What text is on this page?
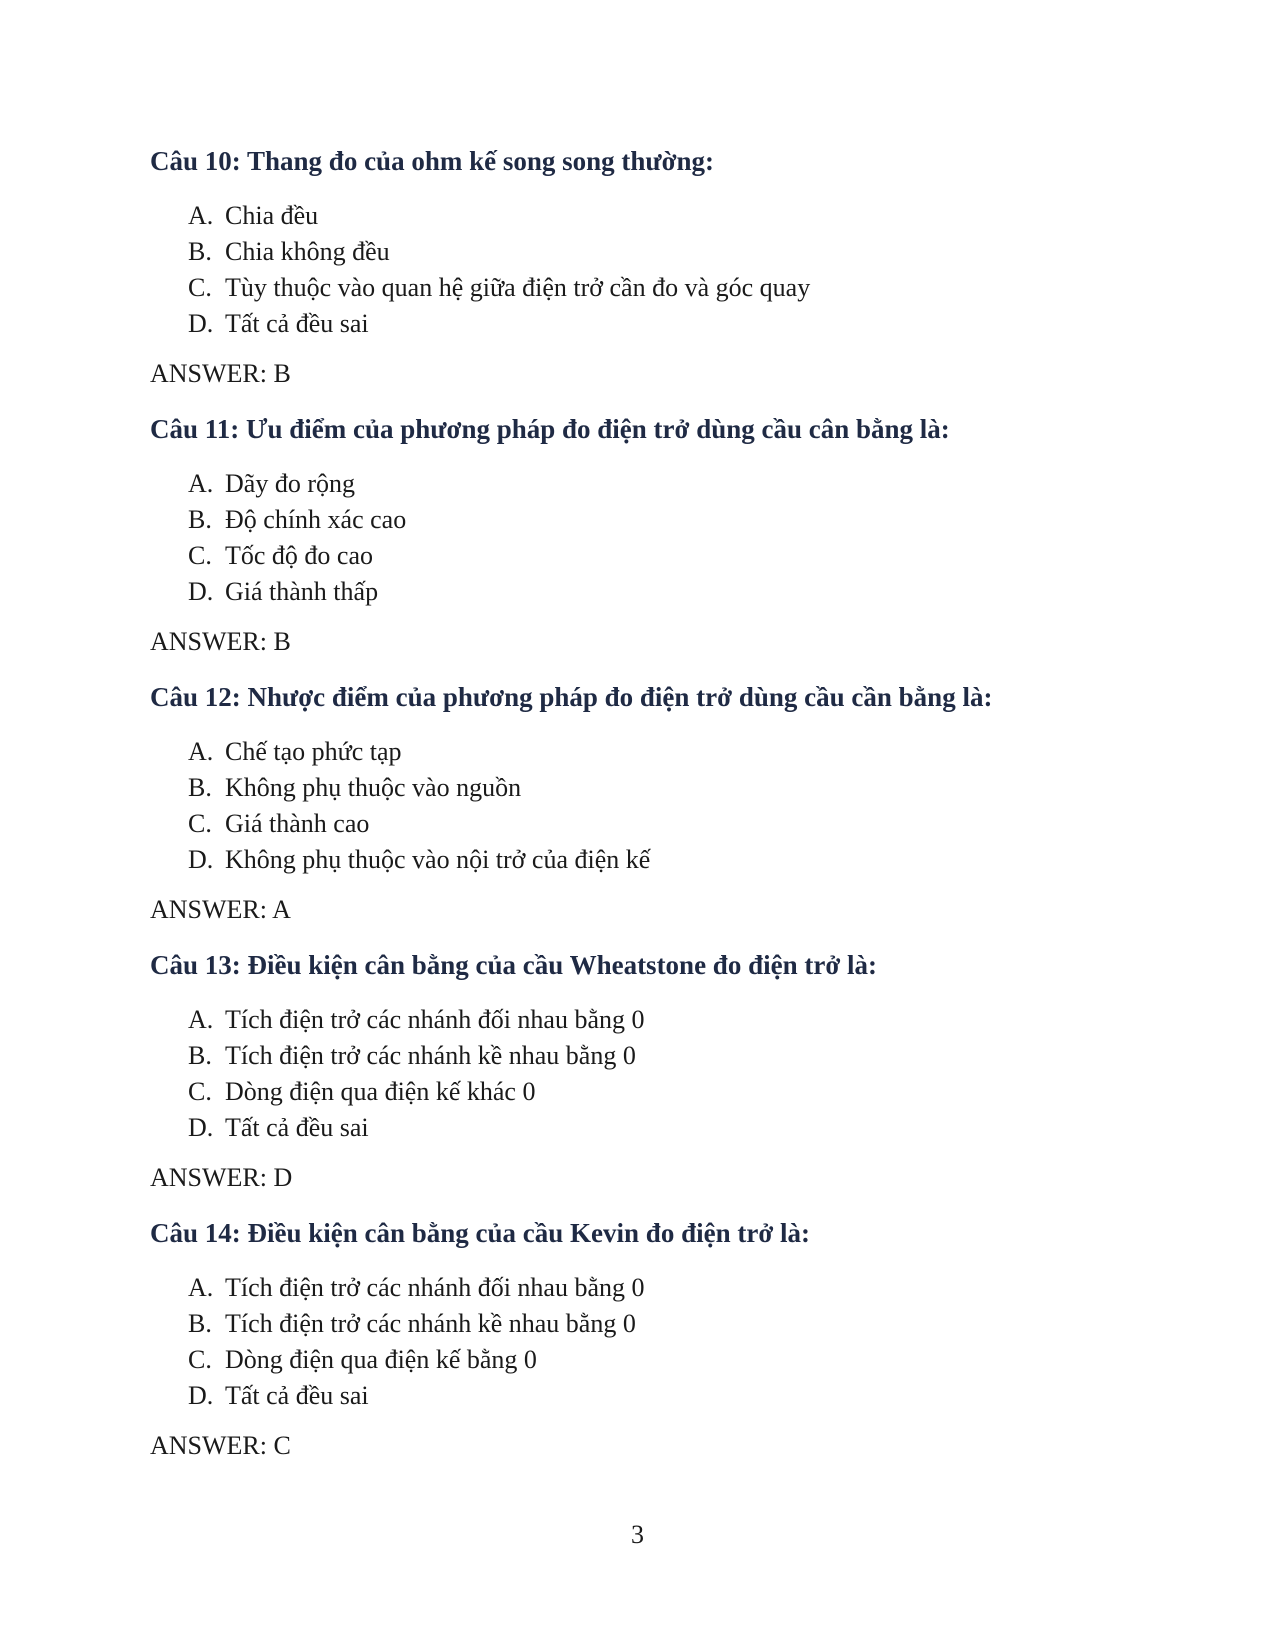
Câu 10: Thang đo của ohm kế song song thường:

A. Chia đều
B. Chia không đều
C. Tùy thuộc vào quan hệ giữa điện trở cần đo và góc quay
D. Tất cả đều sai
ANSWER: B

Câu 11: Ưu điểm của phương pháp đo điện trở dùng cầu cân bằng là:

A. Dãy đo rộng
B. Độ chính xác cao
C. Tốc độ đo cao
D. Giá thành thấp
ANSWER: B

Câu 12: Nhược điểm của phương pháp đo điện trở dùng cầu cần bằng là:

A. Chế tạo phức tạp
B. Không phụ thuộc vào nguồn
C. Giá thành cao
D. Không phụ thuộc vào nội trở của điện kế
ANSWER: A

Câu 13: Điều kiện cân bằng của cầu Wheatstone đo điện trở là:

A. Tích điện trở các nhánh đối nhau bằng 0
B. Tích điện trở các nhánh kề nhau bằng 0
C. Dòng điện qua điện kế khác 0
D. Tất cả đều sai
ANSWER: D

Câu 14: Điều kiện cân bằng của cầu Kevin đo điện trở là:

A. Tích điện trở các nhánh đối nhau bằng 0
B. Tích điện trở các nhánh kề nhau bằng 0
C. Dòng điện qua điện kế bằng 0
D. Tất cả đều sai
ANSWER: C
3
